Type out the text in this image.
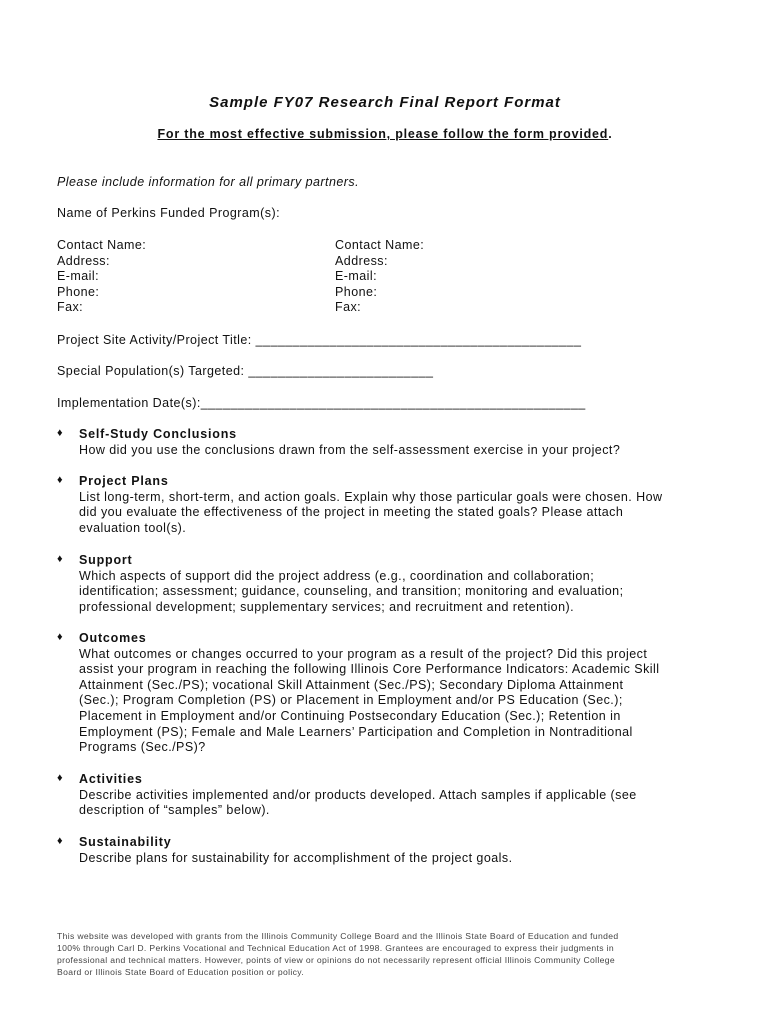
Sample FY07 Research Final Report Format
For the most effective submission, please follow the form provided.
Please include information for all primary partners.
Name of Perkins Funded Program(s):
Contact Name:
Address:
E-mail:
Phone:
Fax:
Contact Name:
Address:
E-mail:
Phone:
Fax:
Project Site Activity/Project Title: ____________________________________________
Special Population(s) Targeted: _________________________
Implementation Date(s):____________________________________________________
♦ Self-Study Conclusions
How did you use the conclusions drawn from the self-assessment exercise in your project?
♦ Project Plans
List long-term, short-term, and action goals. Explain why those particular goals were chosen. How
did you evaluate the effectiveness of the project in meeting the stated goals? Please attach
evaluation tool(s).
♦ Support
Which aspects of support did the project address (e.g., coordination and collaboration;
identification; assessment; guidance, counseling, and transition; monitoring and evaluation;
professional development; supplementary services; and recruitment and retention).
♦ Outcomes
What outcomes or changes occurred to your program as a result of the project? Did this project
assist your program in reaching the following Illinois Core Performance Indicators: Academic Skill
Attainment (Sec./PS); vocational Skill Attainment (Sec./PS); Secondary Diploma Attainment
(Sec.); Program Completion (PS) or Placement in Employment and/or PS Education (Sec.);
Placement in Employment and/or Continuing Postsecondary Education (Sec.); Retention in
Employment (PS); Female and Male Learners’ Participation and Completion in Nontraditional
Programs (Sec./PS)?
♦ Activities
Describe activities implemented and/or products developed. Attach samples if applicable (see
description of “samples” below).
♦ Sustainability
Describe plans for sustainability for accomplishment of the project goals.
This website was developed with grants from the Illinois Community College Board and the Illinois State Board of Education and funded
100% through Carl D. Perkins Vocational and Technical Education Act of 1998. Grantees are encouraged to express their judgments in
professional and technical matters. However, points of view or opinions do not necessarily represent official Illinois Community College
Board or Illinois State Board of Education position or policy.
